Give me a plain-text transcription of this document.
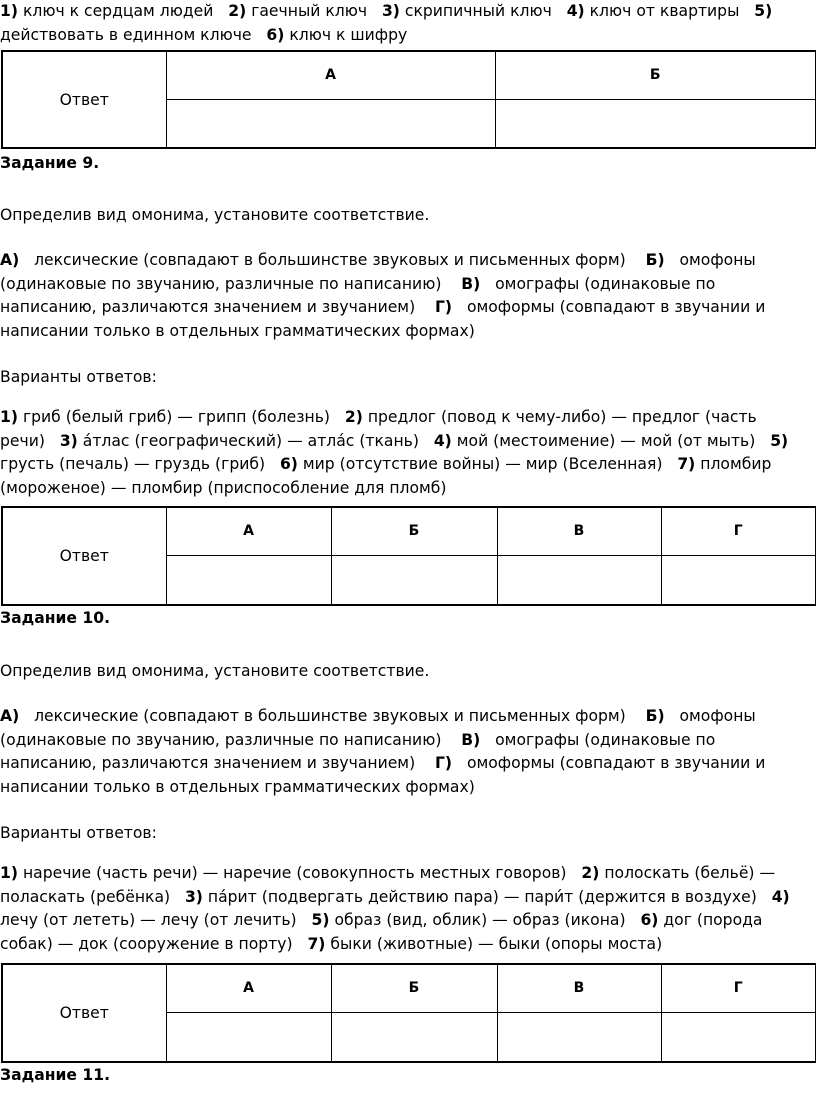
1) ключ к сердцам людей 2) гаечный ключ 3) скрипичный ключ 4) ключ от квартиры 5) действовать в единном ключе 6) ключ к шифру
Ответ	А	Б

Задание 9.
Определив вид омонима, установите соответствие.
А) лексические (совпадают в большинстве звуковых и письменных форм) Б) омофоны (одинаковые по звучанию, различные по написанию) В) омографы (одинаковые по написанию, различаются значением и звучанием) Г) омоформы (совпадают в звучании и написании только в отдельных грамматических формах)
Варианты ответов:
1) гриб (белый гриб) — грипп (болезнь) 2) предлог (повод к чему-либо) — предлог (часть речи) 3) а́тлас (географический) — атла́с (ткань) 4) мой (местоимение) — мой (от мыть) 5) грусть (печаль) — груздь (гриб) 6) мир (отсутствие войны) — мир (Вселенная) 7) пломбир (мороженое) — пломбир (приспособление для пломб)
Ответ	А	Б	В	Г

Задание 10.
Определив вид омонима, установите соответствие.
А) лексические (совпадают в большинстве звуковых и письменных форм) Б) омофоны (одинаковые по звучанию, различные по написанию) В) омографы (одинаковые по написанию, различаются значением и звучанием) Г) омоформы (совпадают в звучании и написании только в отдельных грамматических формах)
Варианты ответов:
1) наречие (часть речи) — наречие (совокупность местных говоров) 2) полоскать (бельё) — поласкать (ребёнка) 3) па́рит (подвергать действию пара) — пари́т (держится в воздухе) 4) лечу (от лететь) — лечу (от лечить) 5) образ (вид, облик) — образ (икона) 6) дог (порода собак) — док (сооружение в порту) 7) быки (животные) — быки (опоры моста)
Ответ	А	Б	В	Г

Задание 11.
